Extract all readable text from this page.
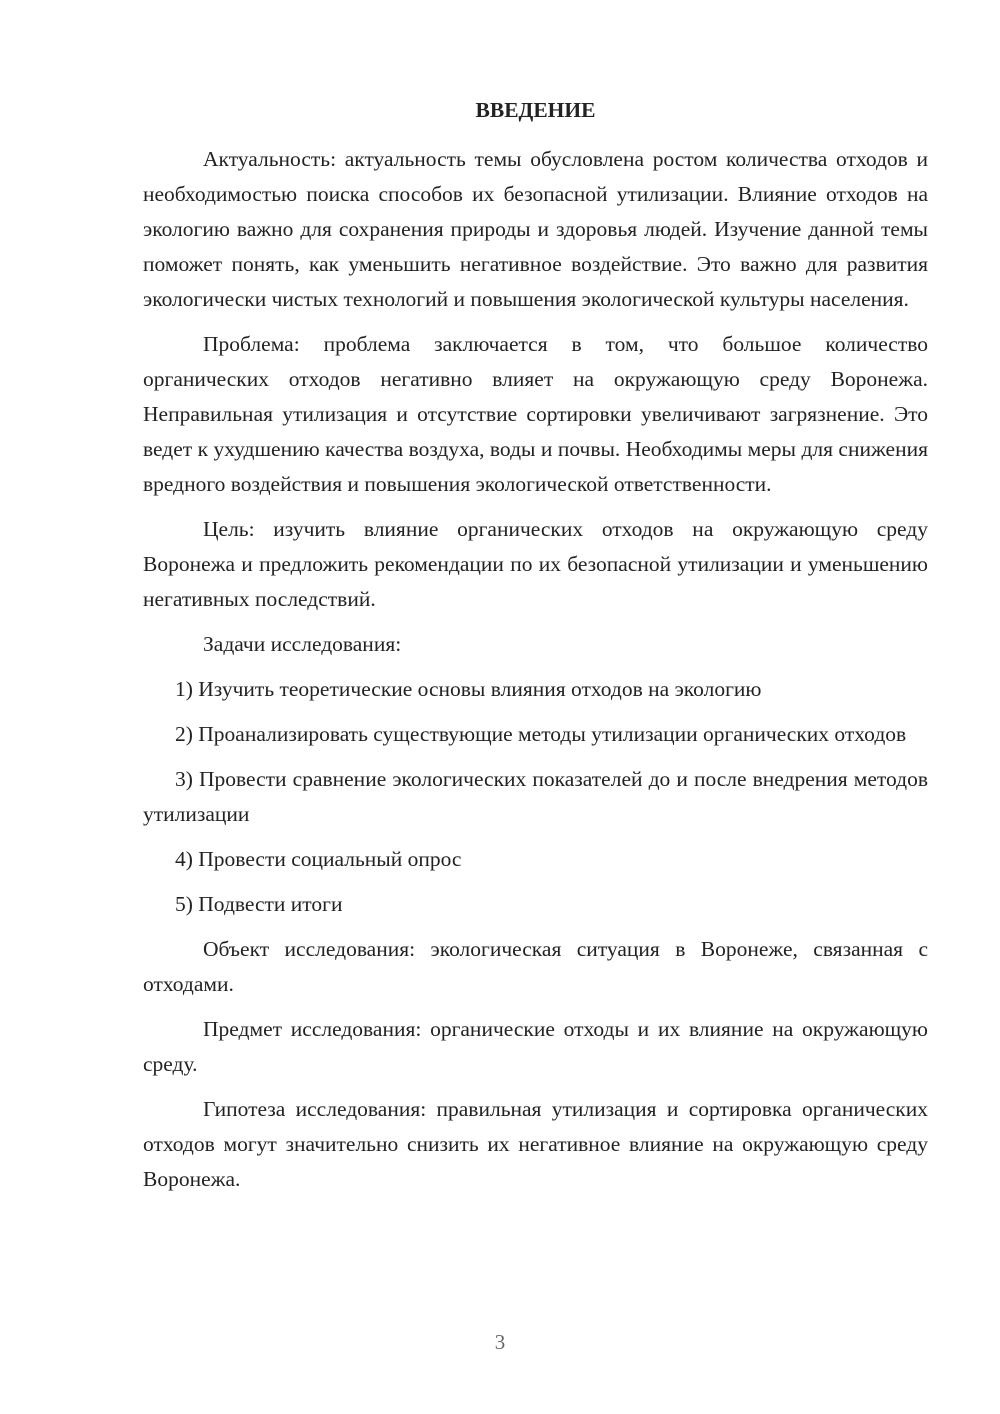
ВВЕДЕНИЕ

Актуальность: актуальность темы обусловлена ростом количества отходов и необходимостью поиска способов их безопасной утилизации. Влияние отходов на экологию важно для сохранения природы и здоровья людей. Изучение данной темы поможет понять, как уменьшить негативное воздействие. Это важно для развития экологически чистых технологий и повышения экологической культуры населения.

Проблема: проблема заключается в том, что большое количество органических отходов негативно влияет на окружающую среду Воронежа. Неправильная утилизация и отсутствие сортировки увеличивают загрязнение. Это ведет к ухудшению качества воздуха, воды и почвы. Необходимы меры для снижения вредного воздействия и повышения экологической ответственности.

Цель: изучить влияние органических отходов на окружающую среду Воронежа и предложить рекомендации по их безопасной утилизации и уменьшению негативных последствий.

Задачи исследования:

1) Изучить теоретические основы влияния отходов на экологию

2) Проанализировать существующие методы утилизации органических отходов

3) Провести сравнение экологических показателей до и после внедрения методов утилизации

4) Провести социальный опрос

5) Подвести итоги

Объект исследования: экологическая ситуация в Воронеже, связанная с отходами.

Предмет исследования: органические отходы и их влияние на окружающую среду.

Гипотеза исследования: правильная утилизация и сортировка органических отходов могут значительно снизить их негативное влияние на окружающую среду Воронежа.

3
